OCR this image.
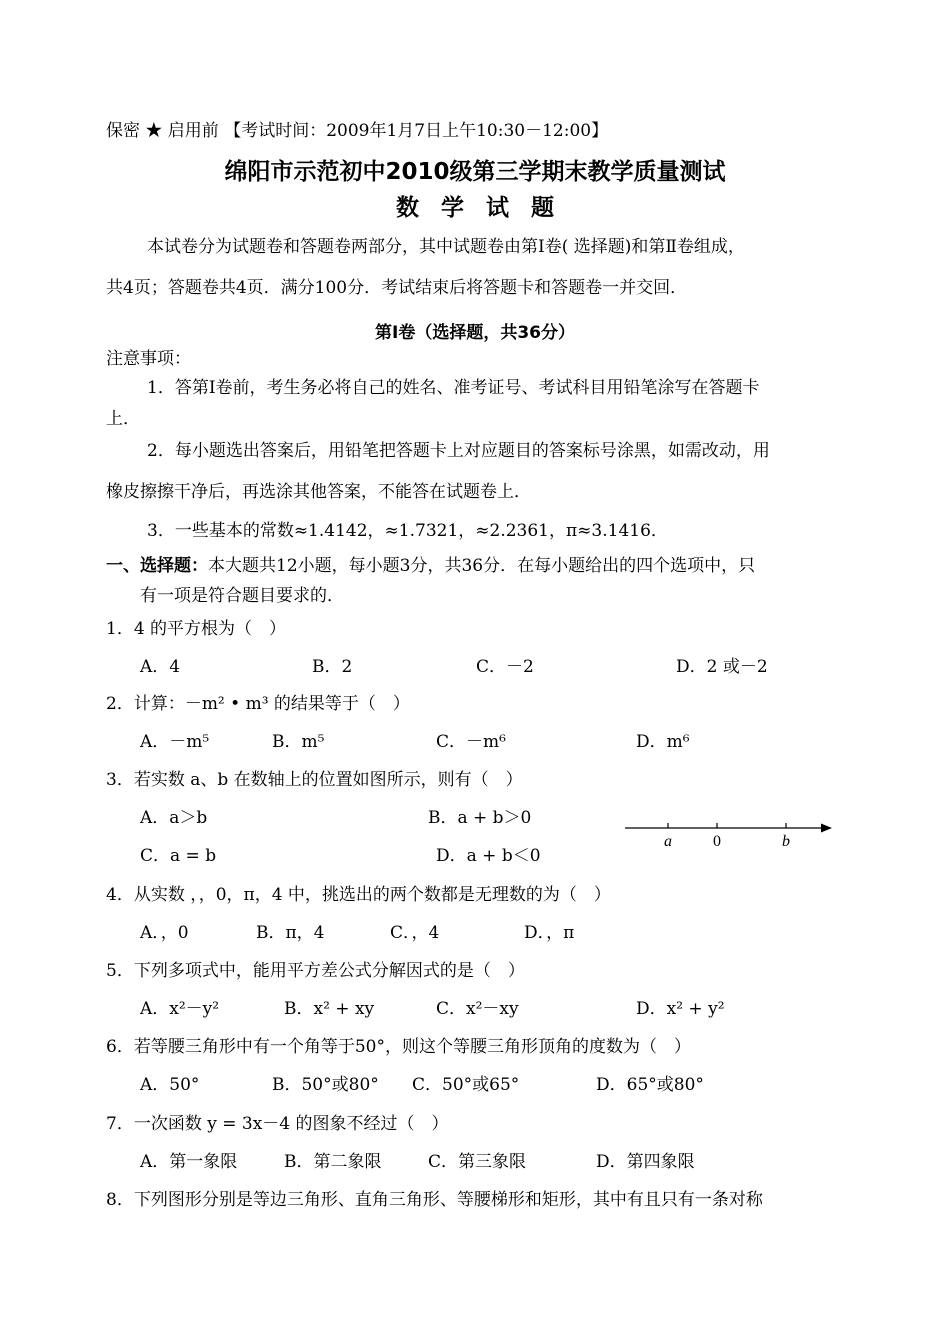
保密 ★ 启用前 【考试时间：2009年1月7日上午10:30－12:00】
绵阳市示范初中2010级第三学期末教学质量测试
数学试题
本试卷分为试题卷和答题卷两部分，其中试题卷由第Ⅰ卷( 选择题)和第Ⅱ卷组成，
共4页；答题卷共4页．满分100分．考试结束后将答题卡和答题卷一并交回．
第Ⅰ卷（选择题，共36分）
注意事项：
1．答第Ⅰ卷前，考生务必将自己的姓名、准考证号、考试科目用铅笔涂写在答题卡
上．
2．每小题选出答案后，用铅笔把答题卡上对应题目的答案标号涂黑，如需改动，用
橡皮擦擦干净后，再选涂其他答案，不能答在试题卷上．
3．一些基本的常数≈1.4142，≈1.7321，≈2.2361，π≈3.1416．
一、选择题：本大题共12小题，每小题3分，共36分．在每小题给出的四个选项中，只
有一项是符合题目要求的．
1．4 的平方根为（　）
A．4	B．2	C．－2	D．2 或－2
2．计算：－m² • m³ 的结果等于（　）
A．－m⁵	B．m⁵	C．－m⁶	D．m⁶
3．若实数 a、b 在数轴上的位置如图所示，则有（　）
A．a＞b	B．a + b＞0
C．a = b	D．a + b＜0
a	0	b
4．从实数 ，，0，π，4 中，挑选出的两个数都是无理数的为（　）
A．，0	B．π，4	C．，4	D．，π
5．下列多项式中，能用平方差公式分解因式的是（　）
A．x²－y²	B．x² + xy	C．x²－xy	D．x² + y²
6．若等腰三角形中有一个角等于50°，则这个等腰三角形顶角的度数为（　）
A．50°	B．50°或80° C．50°或65°	D．65°或80°
7．一次函数 y = 3x－4 的图象不经过（　）
A．第一象限	B．第二象限	C．第三象限	D．第四象限
8．下列图形分别是等边三角形、直角三角形、等腰梯形和矩形，其中有且只有一条对称
